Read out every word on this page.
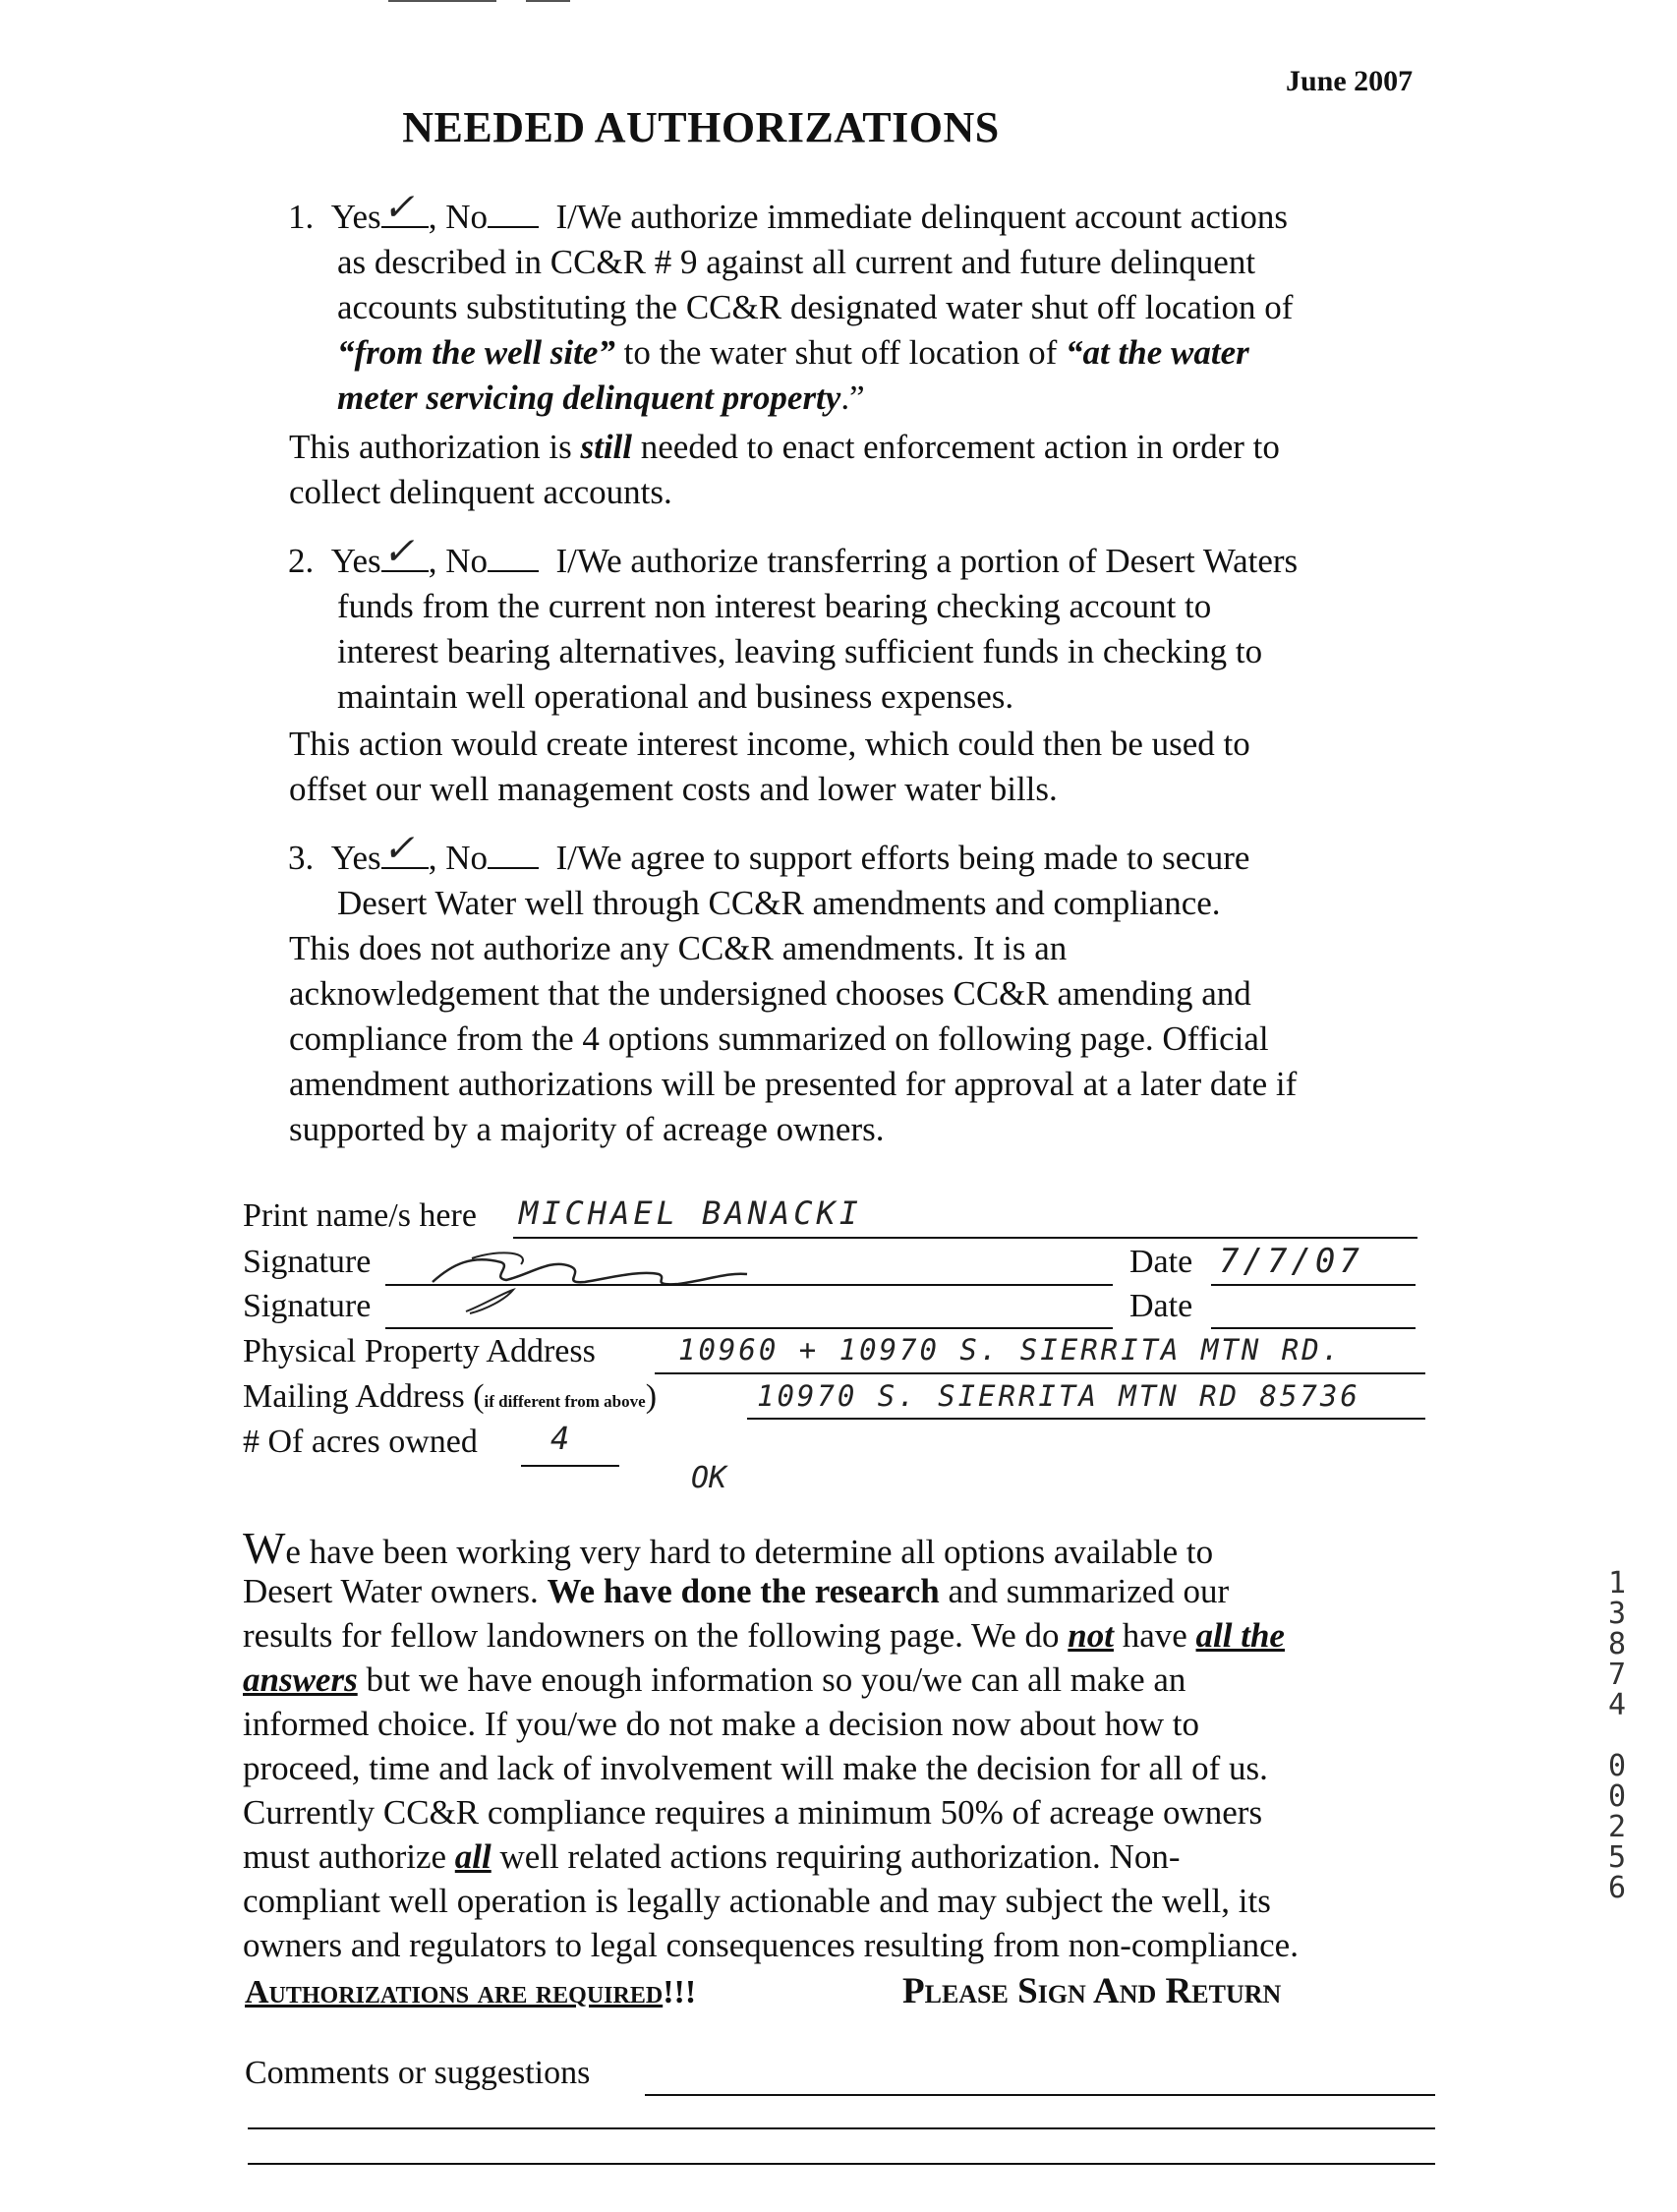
June 2007
NEEDED AUTHORIZATIONS
1. Yes ✓ , No I/We authorize immediate delinquent account actions
as described in CC&R # 9 against all current and future delinquent
accounts substituting the CC&R designated water shut off location of
“from the well site” to the water shut off location of “at the water
meter servicing delinquent property.”
This authorization is still needed to enact enforcement action in order to
collect delinquent accounts.
2. Yes ✓ , No I/We authorize transferring a portion of Desert Waters
funds from the current non interest bearing checking account to
interest bearing alternatives, leaving sufficient funds in checking to
maintain well operational and business expenses.
This action would create interest income, which could then be used to
offset our well management costs and lower water bills.
3. Yes ✓ , No I/We agree to support efforts being made to secure
Desert Water well through CC&R amendments and compliance.
This does not authorize any CC&R amendments. It is an
acknowledgement that the undersigned chooses CC&R amending and
compliance from the 4 options summarized on following page. Official
amendment authorizations will be presented for approval at a later date if
supported by a majority of acreage owners.
Print name/s here MICHAEL BANACKI
Signature	Date 7/7/07
Signature	Date
Physical Property Address	10960 + 10970 S. SIERRITA MTN RD.
Mailing Address (if different from above)	10970 S. SIERRITA MTN RD 85736
# Of acres owned 4
OK
We have been working very hard to determine all options available to
Desert Water owners. We have done the research and summarized our
results for fellow landowners on the following page. We do not have all the
answers but we have enough information so you/we can all make an
informed choice. If you/we do not make a decision now about how to
proceed, time and lack of involvement will make the decision for all of us.
Currently CC&R compliance requires a minimum 50% of acreage owners
must authorize all well related actions requiring authorization. Non-
compliant well operation is legally actionable and may subject the well, its
owners and regulators to legal consequences resulting from non-compliance.
Authorizations are required!!!	Please Sign And Return
Comments or suggestions
1
3
8
7
4
0
0
2
5
6
